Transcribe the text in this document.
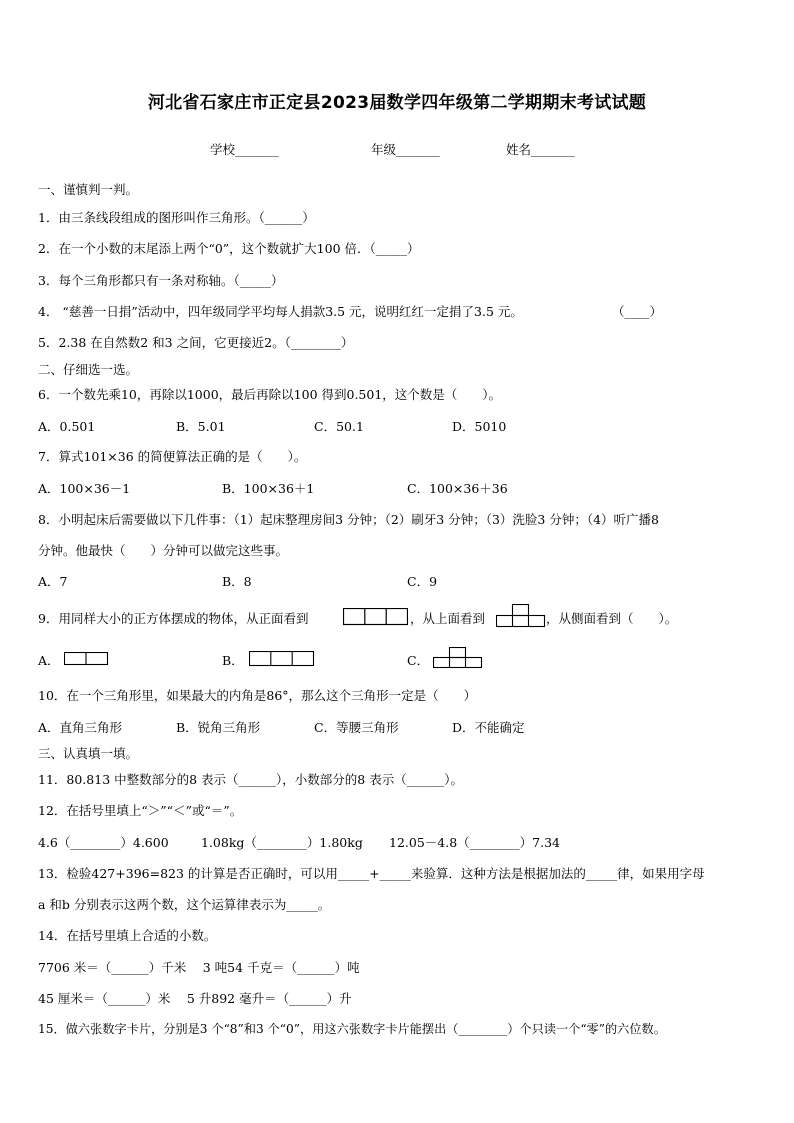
河北省石家庄市正定县2023届数学四年级第二学期期末考试试题
学校_______	年级_______	姓名_______
一、谨慎判一判。
1．由三条线段组成的图形叫作三角形。（______）
2．在一个小数的末尾添上两个“0”，这个数就扩大100 倍．（_____）
3．每个三角形都只有一条对称轴。（_____）
4． “慈善一日捐”活动中，四年级同学平均每人捐款3.5 元，说明红红一定捐了3.5 元。	（____）
5．2.38 在自然数2 和3 之间，它更接近2。（________）
二、仔细选一选。
6．一个数先乘10，再除以1000，最后再除以100 得到0.501，这个数是（　　）。
A．0.501	B．5.01	C．50.1	D．5010
7．算式101×36 的简便算法正确的是（　　）。
A．100×36－1	B．100×36＋1	C．100×36＋36
8．小明起床后需要做以下几件事：（1）起床整理房间3 分钟；（2）刷牙3 分钟；（3）洗脸3 分钟；（4）听广播8
分钟。他最快（　　）分钟可以做完这些事。
A．7	B．8	C．9
9．用同样大小的正方体摆成的物体，从正面看到	，从上面看到	，从侧面看到（　　）。
A．	B．	C．
10．在一个三角形里，如果最大的内角是86°，那么这个三角形一定是（　　）
A．直角三角形	B．锐角三角形	C．等腰三角形	D．不能确定
三、认真填一填。
11．80.813 中整数部分的8 表示（______），小数部分的8 表示（______）。
12．在括号里填上“＞”“＜”或“＝”。
4.6（________）4.600	1.08kg（________）1.80kg 12.05－4.8（________）7.34
13．检验427+396=823 的计算是否正确时，可以用_____+_____来验算．这种方法是根据加法的_____律，如果用字母
a 和b 分别表示这两个数，这个运算律表示为_____。
14．在括号里填上合适的小数。
7706 米＝（______）千米　 3 吨54 千克＝（______）吨
45 厘米＝（______）米　 5 升892 毫升＝（______）升
15．做六张数字卡片，分别是3 个“8”和3 个“0”，用这六张数字卡片能摆出（________）个只读一个“零”的六位数。
